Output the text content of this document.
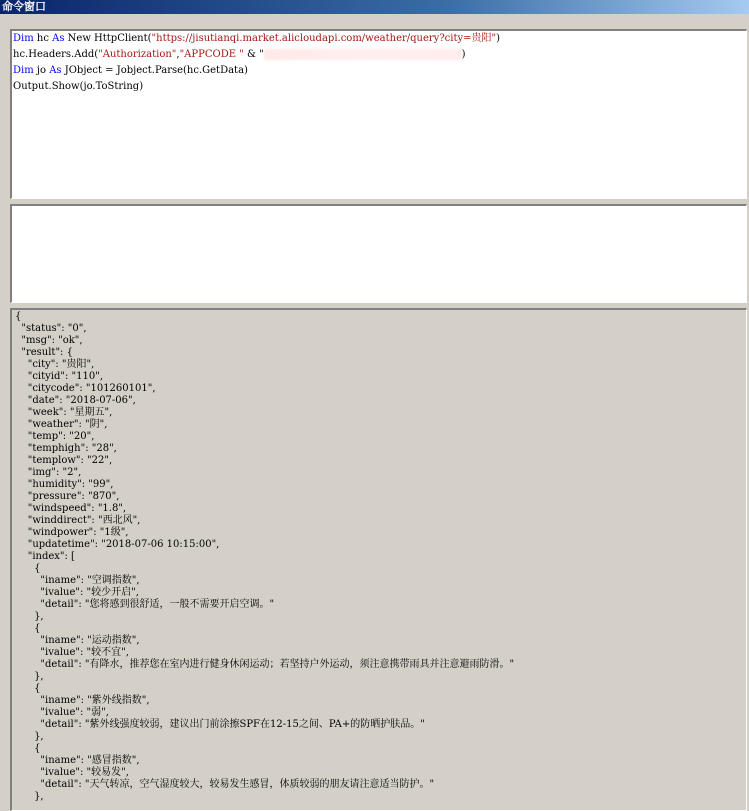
命令窗口
Dim hc As New HttpClient("https://jisutianqi.market.alicloudapi.com/weather/query?city=贵阳")
hc.Headers.Add("Authorization","APPCODE " & "	)
Dim jo As JObject = Jobject.Parse(hc.GetData)
Output.Show(jo.ToString)
{
"status": "0",
"msg": "ok",
"result": {
"city": "贵阳",
"cityid": "110",
"citycode": "101260101",
"date": "2018-07-06",
"week": "星期五",
"weather": "阴",
"temp": "20",
"temphigh": "28",
"templow": "22",
"img": "2",
"humidity": "99",
"pressure": "870",
"windspeed": "1.8",
"winddirect": "西北风",
"windpower": "1级",
"updatetime": "2018-07-06 10:15:00",
"index": [
{
"iname": "空调指数",
"ivalue": "较少开启",
"detail": "您将感到很舒适，一般不需要开启空调。"
},
{
"iname": "运动指数",
"ivalue": "较不宜",
"detail": "有降水，推荐您在室内进行健身休闲运动；若坚持户外运动，须注意携带雨具并注意避雨防滑。"
},
{
"iname": "紫外线指数",
"ivalue": "弱",
"detail": "紫外线强度较弱，建议出门前涂擦SPF在12-15之间、PA+的防晒护肤品。"
},
{
"iname": "感冒指数",
"ivalue": "较易发",
"detail": "天气转凉，空气湿度较大，较易发生感冒，体质较弱的朋友请注意适当防护。"
},
